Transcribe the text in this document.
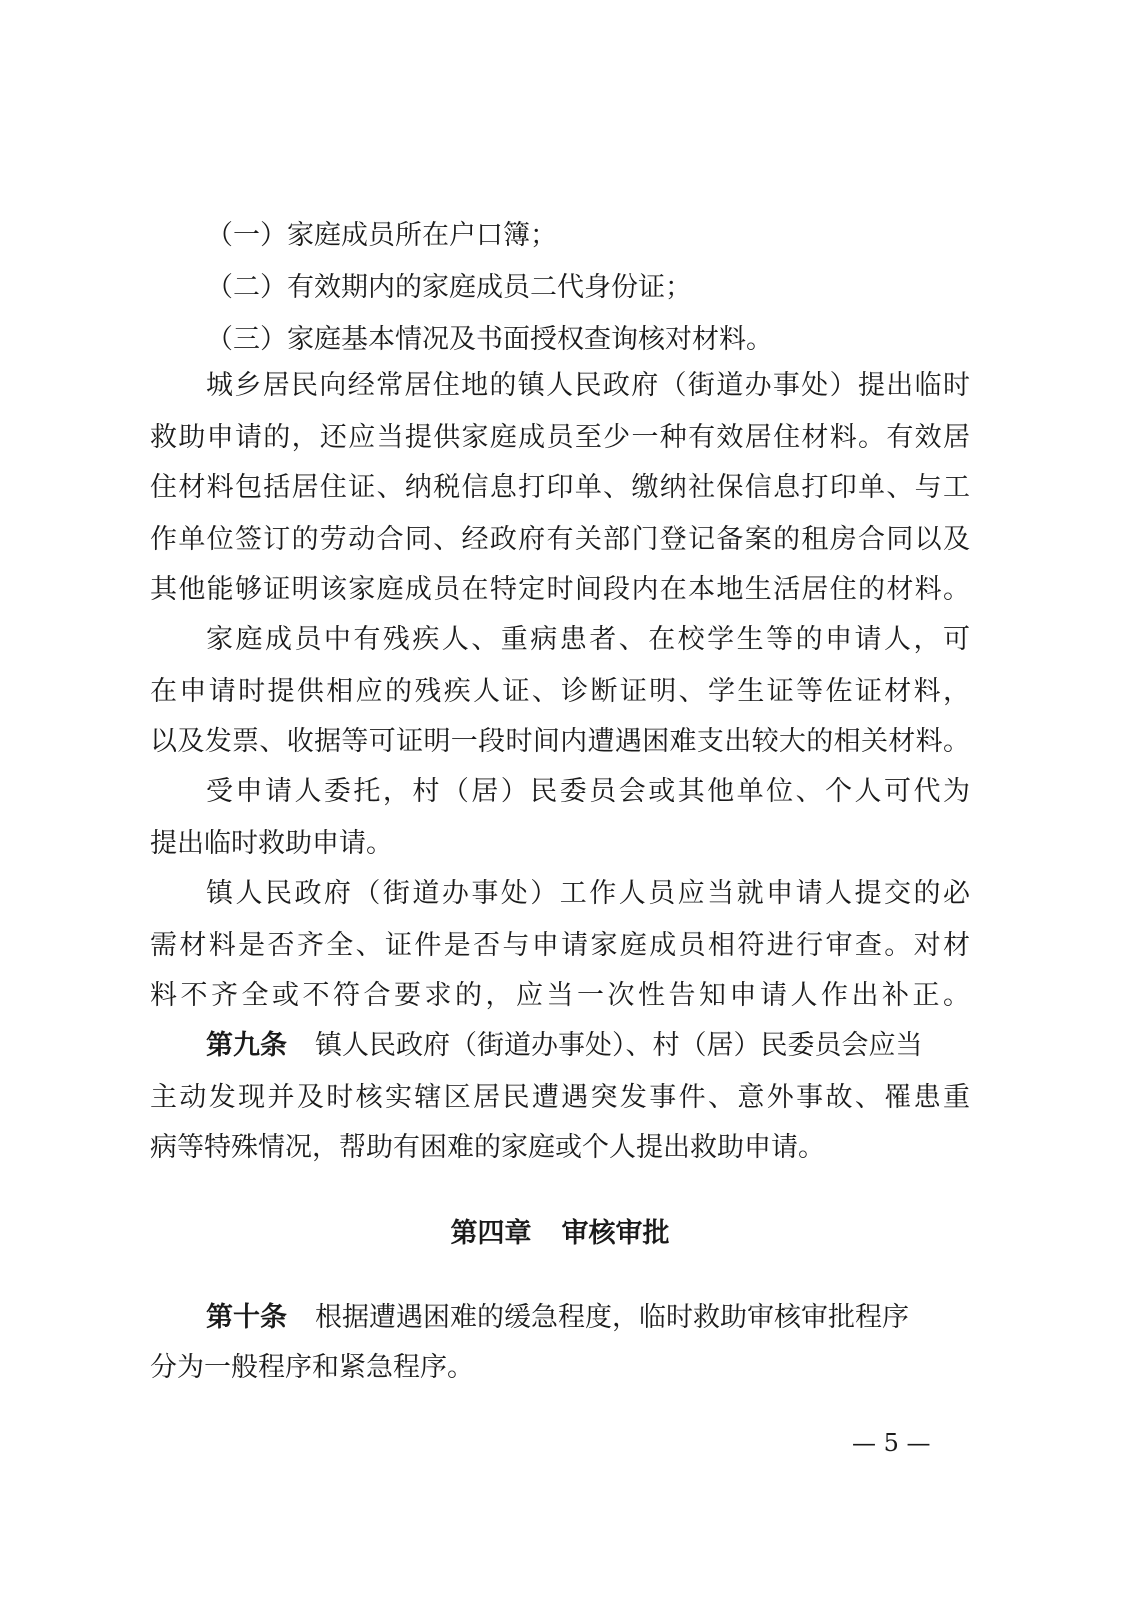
（一）家庭成员所在户口簿；
（二）有效期内的家庭成员二代身份证；
（三）家庭基本情况及书面授权查询核对材料。
城乡居民向经常居住地的镇人民政府（街道办事处）提出临时
救助申请的，还应当提供家庭成员至少一种有效居住材料。有效居
住材料包括居住证、纳税信息打印单、缴纳社保信息打印单、与工
作单位签订的劳动合同、经政府有关部门登记备案的租房合同以及
其他能够证明该家庭成员在特定时间段内在本地生活居住的材料。
家庭成员中有残疾人、重病患者、在校学生等的申请人，可
在申请时提供相应的残疾人证、诊断证明、学生证等佐证材料，
以及发票、收据等可证明一段时间内遭遇困难支出较大的相关材料。
受申请人委托，村（居）民委员会或其他单位、个人可代为
提出临时救助申请。
镇人民政府（街道办事处）工作人员应当就申请人提交的必
需材料是否齐全、证件是否与申请家庭成员相符进行审查。对材
料不齐全或不符合要求的，应当一次性告知申请人作出补正。
第九条 镇人民政府（街道办事处）、村（居）民委员会应当
主动发现并及时核实辖区居民遭遇突发事件、意外事故、罹患重
病等特殊情况，帮助有困难的家庭或个人提出救助申请。
第四章 审核审批
第十条 根据遭遇困难的缓急程度，临时救助审核审批程序
分为一般程序和紧急程序。
— 5 —
